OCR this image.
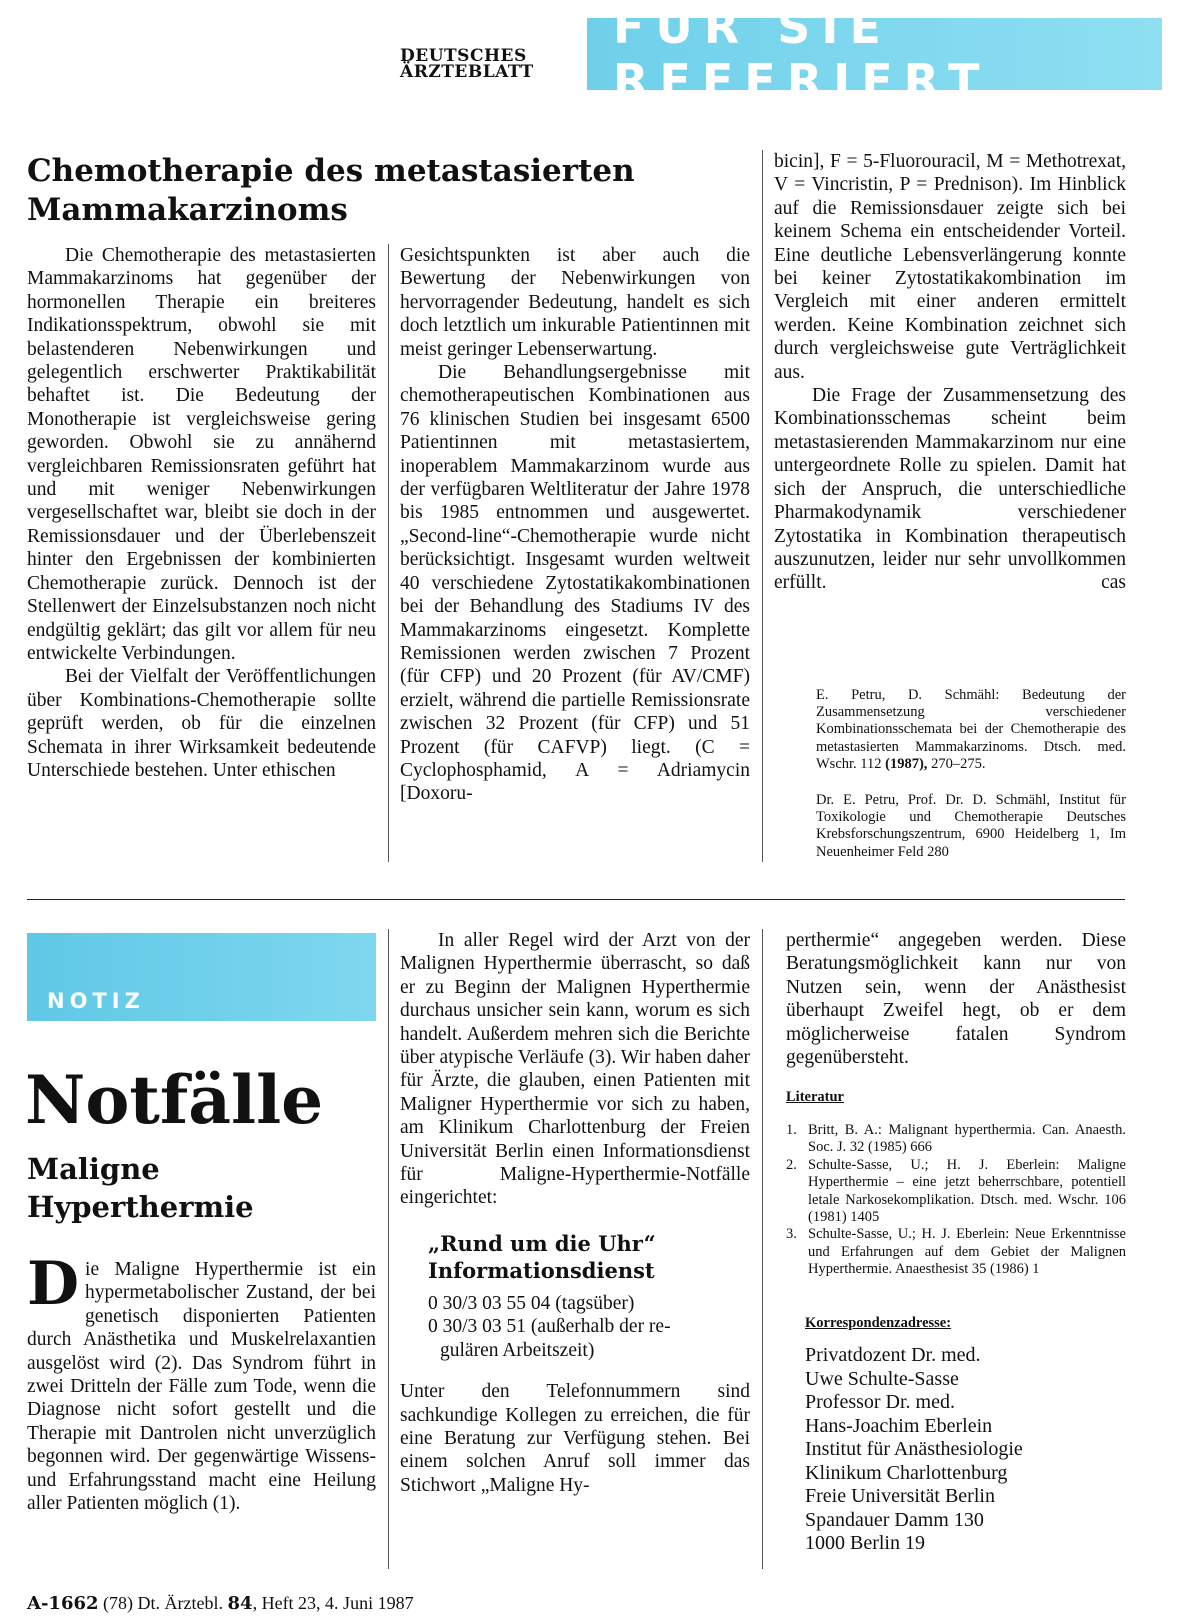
DEUTSCHES
ÄRZTEBLATT
FÜR SIE REFERIERT
Chemotherapie des metastasierten
Mammakarzinoms

Die Chemotherapie des metastasierten Mammakarzinoms hat gegenüber der hormonellen Therapie ein breiteres Indikationsspektrum, obwohl sie mit belastenderen Nebenwirkungen und gelegentlich erschwerter Praktikabilität behaftet ist. Die Bedeutung der Monotherapie ist vergleichsweise gering geworden. Obwohl sie zu annähernd vergleichbaren Remissionsraten geführt hat und mit weniger Nebenwirkungen vergesellschaftet war, bleibt sie doch in der Remissionsdauer und der Überlebenszeit hinter den Ergebnissen der kombinierten Chemotherapie zurück. Dennoch ist der Stellenwert der Einzelsubstanzen noch nicht endgültig geklärt; das gilt vor allem für neu entwickelte Verbindungen.

Bei der Vielfalt der Veröffentlichungen über Kombinations-Chemotherapie sollte geprüft werden, ob für die einzelnen Schemata in ihrer Wirksamkeit bedeutende Unterschiede bestehen. Unter ethischen

Gesichtspunkten ist aber auch die Bewertung der Nebenwirkungen von hervorragender Bedeutung, handelt es sich doch letztlich um inkurable Patientinnen mit meist geringer Lebenserwartung.

Die Behandlungsergebnisse mit chemotherapeutischen Kombinationen aus 76 klinischen Studien bei insgesamt 6500 Patientinnen mit metastasiertem, inoperablem Mammakarzinom wurde aus der verfügbaren Weltliteratur der Jahre 1978 bis 1985 entnommen und ausgewertet. „Second-line“-Chemotherapie wurde nicht berücksichtigt. Insgesamt wurden weltweit 40 verschiedene Zytostatikakombinationen bei der Behandlung des Stadiums IV des Mammakarzinoms eingesetzt. Komplette Remissionen werden zwischen 7 Prozent (für CFP) und 20 Prozent (für AV/CMF) erzielt, während die partielle Remissionsrate zwischen 32 Prozent (für CFP) und 51 Prozent (für CAFVP) liegt. (C = Cyclophosphamid, A = Adriamycin [Doxoru-

bicin], F = 5-Fluorouracil, M = Methotrexat, V = Vincristin, P = Prednison). Im Hinblick auf die Remissionsdauer zeigte sich bei keinem Schema ein entscheidender Vorteil. Eine deutliche Lebensverlängerung konnte bei keiner Zytostatikakombination im Vergleich mit einer anderen ermittelt werden. Keine Kombination zeichnet sich durch vergleichsweise gute Verträglichkeit aus.

Die Frage der Zusammensetzung des Kombinationsschemas scheint beim metastasierenden Mammakarzinom nur eine untergeordnete Rolle zu spielen. Damit hat sich der Anspruch, die unterschiedliche Pharmakodynamik verschiedener Zytostatika in Kombination therapeutisch auszunutzen, leider nur sehr unvollkommen erfüllt.	cas

E. Petru, D. Schmähl: Bedeutung der Zusammensetzung verschiedener Kombinationsschemata bei der Chemotherapie des metastasierten Mammakarzinoms. Dtsch. med. Wschr. 112 (1987), 270–275.
Dr. E. Petru, Prof. Dr. D. Schmähl, Institut für Toxikologie und Chemotherapie Deutsches Krebsforschungszentrum, 6900 Heidelberg 1, Im Neuenheimer Feld 280
NOTIZ
Notfälle
Maligne
Hyperthermie

Die Maligne Hyperthermie ist ein hypermetabolischer Zustand, der bei genetisch disponierten Patienten durch Anästhetika und Muskelrelaxantien ausgelöst wird (2). Das Syndrom führt in zwei Dritteln der Fälle zum Tode, wenn die Diagnose nicht sofort gestellt und die Therapie mit Dantrolen nicht unverzüglich begonnen wird. Der gegenwärtige Wissens- und Erfahrungsstand macht eine Heilung aller Patienten möglich (1).

In aller Regel wird der Arzt von der Malignen Hyperthermie überrascht, so daß er zu Beginn der Malignen Hyperthermie durchaus unsicher sein kann, worum es sich handelt. Außerdem mehren sich die Berichte über atypische Verläufe (3). Wir haben daher für Ärzte, die glauben, einen Patienten mit Maligner Hyperthermie vor sich zu haben, am Klinikum Charlottenburg der Freien Universität Berlin einen Informationsdienst für Maligne-Hyperthermie-Notfälle eingerichtet:

„Rund um die Uhr“
Informationsdienst
0 30/3 03 55 04 (tagsüber)
0 30/3 03 51 (außerhalb der re-
gulären Arbeitszeit)

Unter den Telefonnummern sind sachkundige Kollegen zu erreichen, die für eine Beratung zur Verfügung stehen. Bei einem solchen Anruf soll immer das Stichwort „Maligne Hy-

perthermie“ angegeben werden. Diese Beratungsmöglichkeit kann nur von Nutzen sein, wenn der Anästhesist überhaupt Zweifel hegt, ob er dem möglicherweise fatalen Syndrom gegenübersteht.

Literatur
1. Britt, B. A.: Malignant hyperthermia. Can. Anaesth. Soc. J. 32 (1985) 666
2. Schulte-Sasse, U.; H. J. Eberlein: Maligne Hyperthermie – eine jetzt beherrschbare, potentiell letale Narkosekomplikation. Dtsch. med. Wschr. 106 (1981) 1405
3. Schulte-Sasse, U.; H. J. Eberlein: Neue Erkenntnisse und Erfahrungen auf dem Gebiet der Malignen Hyperthermie. Anaesthesist 35 (1986) 1
Korrespondenzadresse:
Privatdozent Dr. med.
Uwe Schulte-Sasse
Professor Dr. med.
Hans-Joachim Eberlein
Institut für Anästhesiologie
Klinikum Charlottenburg
Freie Universität Berlin
Spandauer Damm 130
1000 Berlin 19
A-1662 (78) Dt. Ärztebl. 84, Heft 23, 4. Juni 1987
